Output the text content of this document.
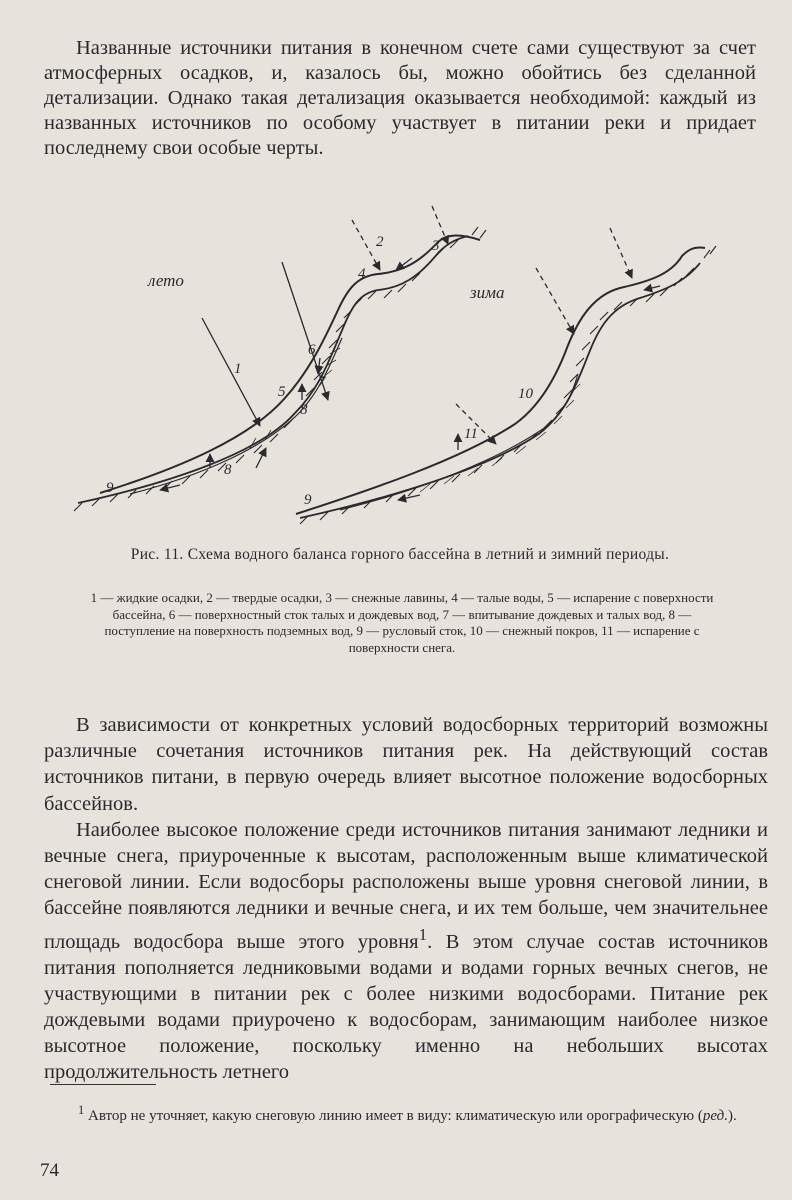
Названные источники питания в конечном счете сами существуют за счет атмосферных осадков, и, казалось бы, можно обойтись без сделанной детализации. Однако такая детализация оказывается необходимой: каждый из названных источников по особому участвует в питании реки и придает последнему свои особые черты.

лето
зима
1
2	3
4
5
6
7
8
8
9
9
10
11

Рис. 11. Схема водного баланса горного бассейна в летний и зимний периоды.

1 — жидкие осадки, 2 — твердые осадки, 3 — снежные лавины, 4 — талые воды, 5 — испарение с поверхности бассейна, 6 — поверхностный сток талых и дождевых вод, 7 — впитывание дождевых и талых вод, 8 — поступление на поверхность подземных вод, 9 — русловый сток, 10 — снежный покров, 11 — испарение с поверхности снега.

В зависимости от конкретных условий водосборных территорий возможны различные сочетания источников питания рек. На действующий состав источников питани, в первую очередь влияет высотное положение водосборных бассейнов.

Наиболее высокое положение среди источников питания занимают ледники и вечные снега, приуроченные к высотам, расположенным выше климатической снеговой линии. Если водосборы расположены выше уровня снеговой линии, в бассейне появляются ледники и вечные снега, и их тем больше, чем значительнее площадь водосбора выше этого уровня$^1$. В этом случае состав источников питания пополняется ледниковыми водами и водами горных вечных снегов, не участвующими в питании рек с более низкими водосборами. Питание рек дождевыми водами приурочено к водосборам, занимающим наиболее низкое высотное положение, поскольку именно на небольших высотах продолжительность летнего

$^1$ Автор не уточняет, какую снеговую линию имеет в виду: климатическую или орографическую (ред.).

74
